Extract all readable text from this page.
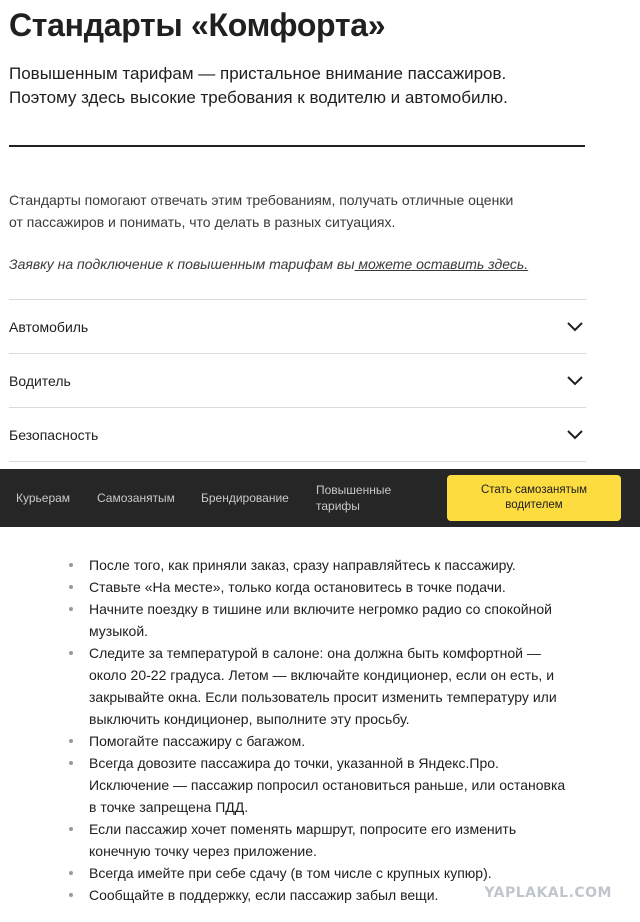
Стандарты «Комфорта»
Повышенным тарифам — пристальное внимание пассажиров.
Поэтому здесь высокие требования к водителю и автомобилю.
Стандарты помогают отвечать этим требованиям, получать отличные оценки
от пассажиров и понимать, что делать в разных ситуациях.
Заявку на подключение к повышенным тарифам вы можете оставить здесь.
Автомобиль
Водитель
Безопасность
Курьерам Самозанятым Брендирование
Повышенные тарифы
Стать самозанятым водителем
После того, как приняли заказ, сразу направляйтесь к пассажиру.
Ставьте «На месте», только когда остановитесь в точке подачи.
Начните поездку в тишине или включите негромко радио со спокойной музыкой.
Следите за температурой в салоне: она должна быть комфортной — около 20-22 градуса. Летом — включайте кондиционер, если он есть, и закрывайте окна. Если пользователь просит изменить температуру или выключить кондиционер, выполните эту просьбу.
Помогайте пассажиру с багажом.
Всегда довозите пассажира до точки, указанной в Яндекс.Про. Исключение — пассажир попросил остановиться раньше, или остановка в точке запрещена ПДД.
Если пассажир хочет поменять маршрут, попросите его изменить конечную точку через приложение.
Всегда имейте при себе сдачу (в том числе с крупных купюр).
Сообщайте в поддержку, если пассажир забыл вещи.	YAPLAKAL.COM
